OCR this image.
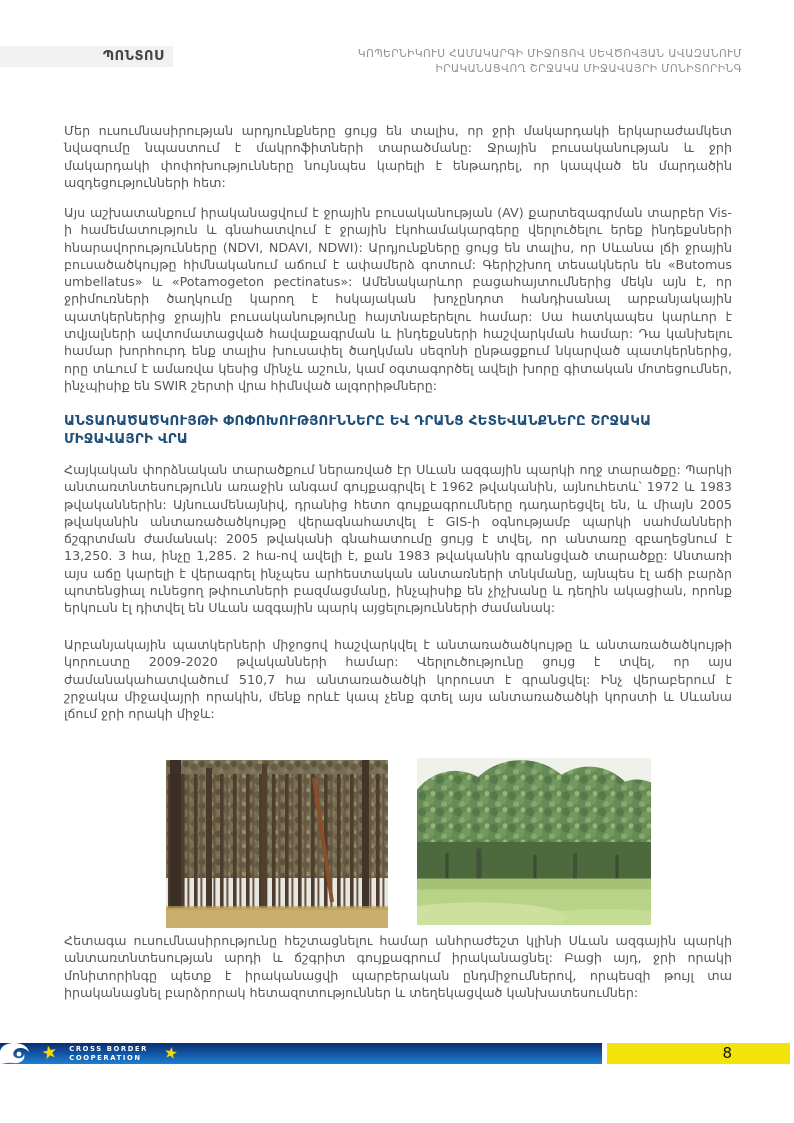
ՊՈՆՏՈՍ	ԿՈՊԵՐՆԻԿՈՒՍ ՀԱՄԱԿԱՐԳԻ ՄԻՋՈՑՈՎ ՍԵՎԾՈՎՅԱՆ ԱՎԱԶԱՆՈՒՄ
ԻՐԱԿԱՆԱՑՎՈՂ ՇՐՋԱԿԱ ՄԻՋԱՎԱՅՐԻ ՄՈՆԻՏՈՐԻՆԳ

Մեր ուսումնասիրության արդյունքները ցույց են տալիս, որ ջրի մակարդակի երկարաժամկետ նվազումը նպաստում է մակրոֆիտների տարածմանը: Ջրային բուսականության և ջրի մակարդակի փոփոխությունները նույնպես կարելի է ենթադրել, որ կապված են մարդածին ազդեցությունների հետ:

Այս աշխատանքում իրականացվում է ջրային բուսականության (AV) քարտեզագրման տարբեր Vis-ի համեմատություն և գնահատվում է ջրային էկոհամակարգերը վերլուծելու երեք ինդեքսների հնարավորությունները (NDVI, NDAVI, NDWI): Արդյունքները ցույց են տալիս, որ Սևանա լճի ջրային բուսածածկույթը հիմնականում աճում է ափամերձ գոտում: Գերիշխող տեսակներն են «Butomus umbellatus» և «Potamogeton pectinatus»: Ամենակարևոր բացահայտումներից մեկն այն է, որ ջրիմուռների ծաղկումը կարող է հսկայական խոչընդոտ հանդիսանալ արբանյակային պատկերներից ջրային բուսականությունը հայտնաբերելու համար: Սա հատկապես կարևոր է տվյալների ավտոմատացված հավաքագրման և ինդեքսների հաշվարկման համար: Դա կանխելու համար խորհուրդ ենք տալիս խուսափել ծաղկման սեզոնի ընթացքում նկարված պատկերներից, որը տևում է ամառվա կեսից մինչև աշուն, կամ օգտագործել ավելի խորը գիտական մոտեցումներ, ինչպիսիք են SWIR շերտի վրա հիմնված ալգորիթմները:

ԱՆՏԱՌԱԾԱԾԿՈՒՅԹԻ ՓՈՓՈԽՈՒԹՅՈՒՆՆԵՐԸ ԵՎ ԴՐԱՆՑ ՀԵՏԵՎԱՆՔՆԵՐԸ ՇՐՋԱԿԱ ՄԻՋԱՎԱՅՐԻ ՎՐԱ

Հայկական փորձնական տարածքում ներառված էր Սևան ազգային պարկի ողջ տարածքը: Պարկի անտառտնտեսությունն առաջին անգամ գույքագրվել է 1962 թվականին, այնուհետև՝ 1972 և 1983 թվականներին: Այնուամենայնիվ, դրանից հետո գույքագրումները դադարեցվել են, և միայն 2005 թվականին անտառածածկույթը վերագնահատվել է GIS-ի օգնությամբ պարկի սահմանների ճշգրտման ժամանակ: 2005 թվականի գնահատումը ցույց է տվել, որ անտառը զբաղեցնում է 13,250. 3 հա, ինչը 1,285. 2 հա-ով ավելի է, քան 1983 թվականին գրանցված տարածքը: Անտառի այս աճը կարելի է վերագրել ինչպես արհեստական անտառների տնկմանը, այնպես էլ աճի բարձր պոտենցիալ ունեցող թփուտների բազմացմանը, ինչպիսիք են չիչխանը և դեղին ակացիան, որոնք երկուսն էլ դիտվել են Սևան ազգային պարկ այցելությունների ժամանակ:

Արբանյակային պատկերների միջոցով հաշվարկվել է անտառածածկույթը և անտառածածկույթի կորուստը 2009-2020 թվականների համար: Վերլուծությունը ցույց է տվել, որ այս ժամանակահատվածում 510,7 հա անտառածածկի կորուստ է գրանցվել: Ինչ վերաբերում է շրջակա միջավայրի որակին, մենք որևէ կապ չենք գտել այս անտառածածկի կորստի և Սևանա լճում ջրի որակի միջև:

Հետագա ուսումնասիրությունը հեշտացնելու համար անհրաժեշտ կլինի Սևան ազգային պարկի անտառտնտեսության արդի և ճշգրիտ գույքագրում իրականացնել: Բացի այդ, ջրի որակի մոնիտորինգը պետք է իրականացվի պարբերական ընդմիջումներով, որպեսզի թույլ տա իրականացնել բարձրորակ հետազոտություններ և տեղեկացված կանխատեսումներ:

★ CROSS BORDER
COOPERATION	★	8
